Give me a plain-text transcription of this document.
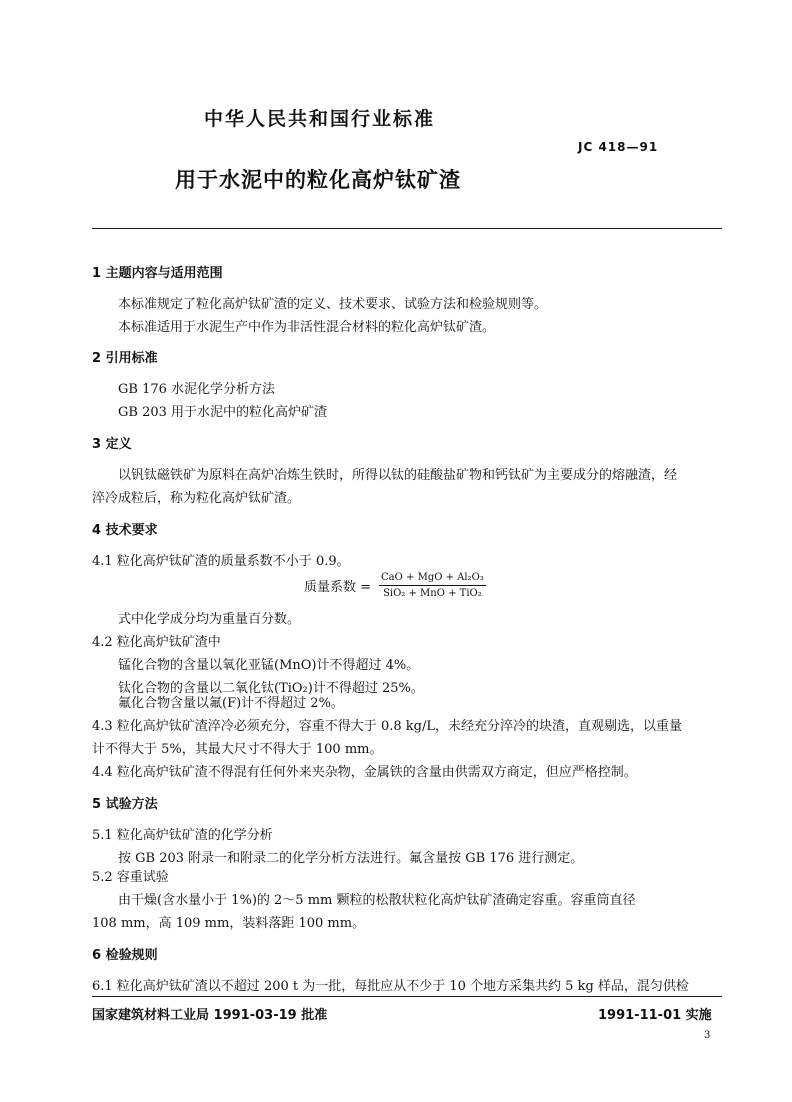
中华人民共和国行业标准
JC 418—91
用于水泥中的粒化高炉钛矿渣
1 主题内容与适用范围
本标准规定了粒化高炉钛矿渣的定义、技术要求、试验方法和检验规则等。
本标准适用于水泥生产中作为非活性混合材料的粒化高炉钛矿渣。
2 引用标准
GB 176 水泥化学分析方法
GB 203 用于水泥中的粒化高炉矿渣
3 定义
以钒钛磁铁矿为原料在高炉冶炼生铁时，所得以钛的硅酸盐矿物和钙钛矿为主要成分的熔融渣，经
淬冷成粒后，称为粒化高炉钛矿渣。
4 技术要求
4.1 粒化高炉钛矿渣的质量系数不小于 0.9。
质量系数 = $\frac{\text{CaO + MgO + Al₂O₃}}{\text{SiO₂ + MnO + TiO₂}}$
式中化学成分均为重量百分数。
4.2 粒化高炉钛矿渣中
锰化合物的含量以氧化亚锰(MnO)计不得超过 4%。
钛化合物的含量以二氧化钛(TiO₂)计不得超过 25%。
氟化合物含量以氟(F)计不得超过 2%。
4.3 粒化高炉钛矿渣淬冷必须充分，容重不得大于 0.8 kg/L，未经充分淬冷的块渣，直观剔选，以重量
计不得大于 5%，其最大尺寸不得大于 100 mm。
4.4 粒化高炉钛矿渣不得混有任何外来夹杂物，金属铁的含量由供需双方商定，但应严格控制。
5 试验方法
5.1 粒化高炉钛矿渣的化学分析
按 GB 203 附录一和附录二的化学分析方法进行。氟含量按 GB 176 进行测定。
5.2 容重试验
由干燥(含水量小于 1%)的 2～5 mm 颗粒的松散状粒化高炉钛矿渣确定容重。容重筒直径
108 mm，高 109 mm，装料落距 100 mm。
6 检验规则
6.1 粒化高炉钛矿渣以不超过 200 t 为一批，每批应从不少于 10 个地方采集共约 5 kg 样品，混匀供检
国家建筑材料工业局 1991-03-19 批准	1991-11-01 实施
3
